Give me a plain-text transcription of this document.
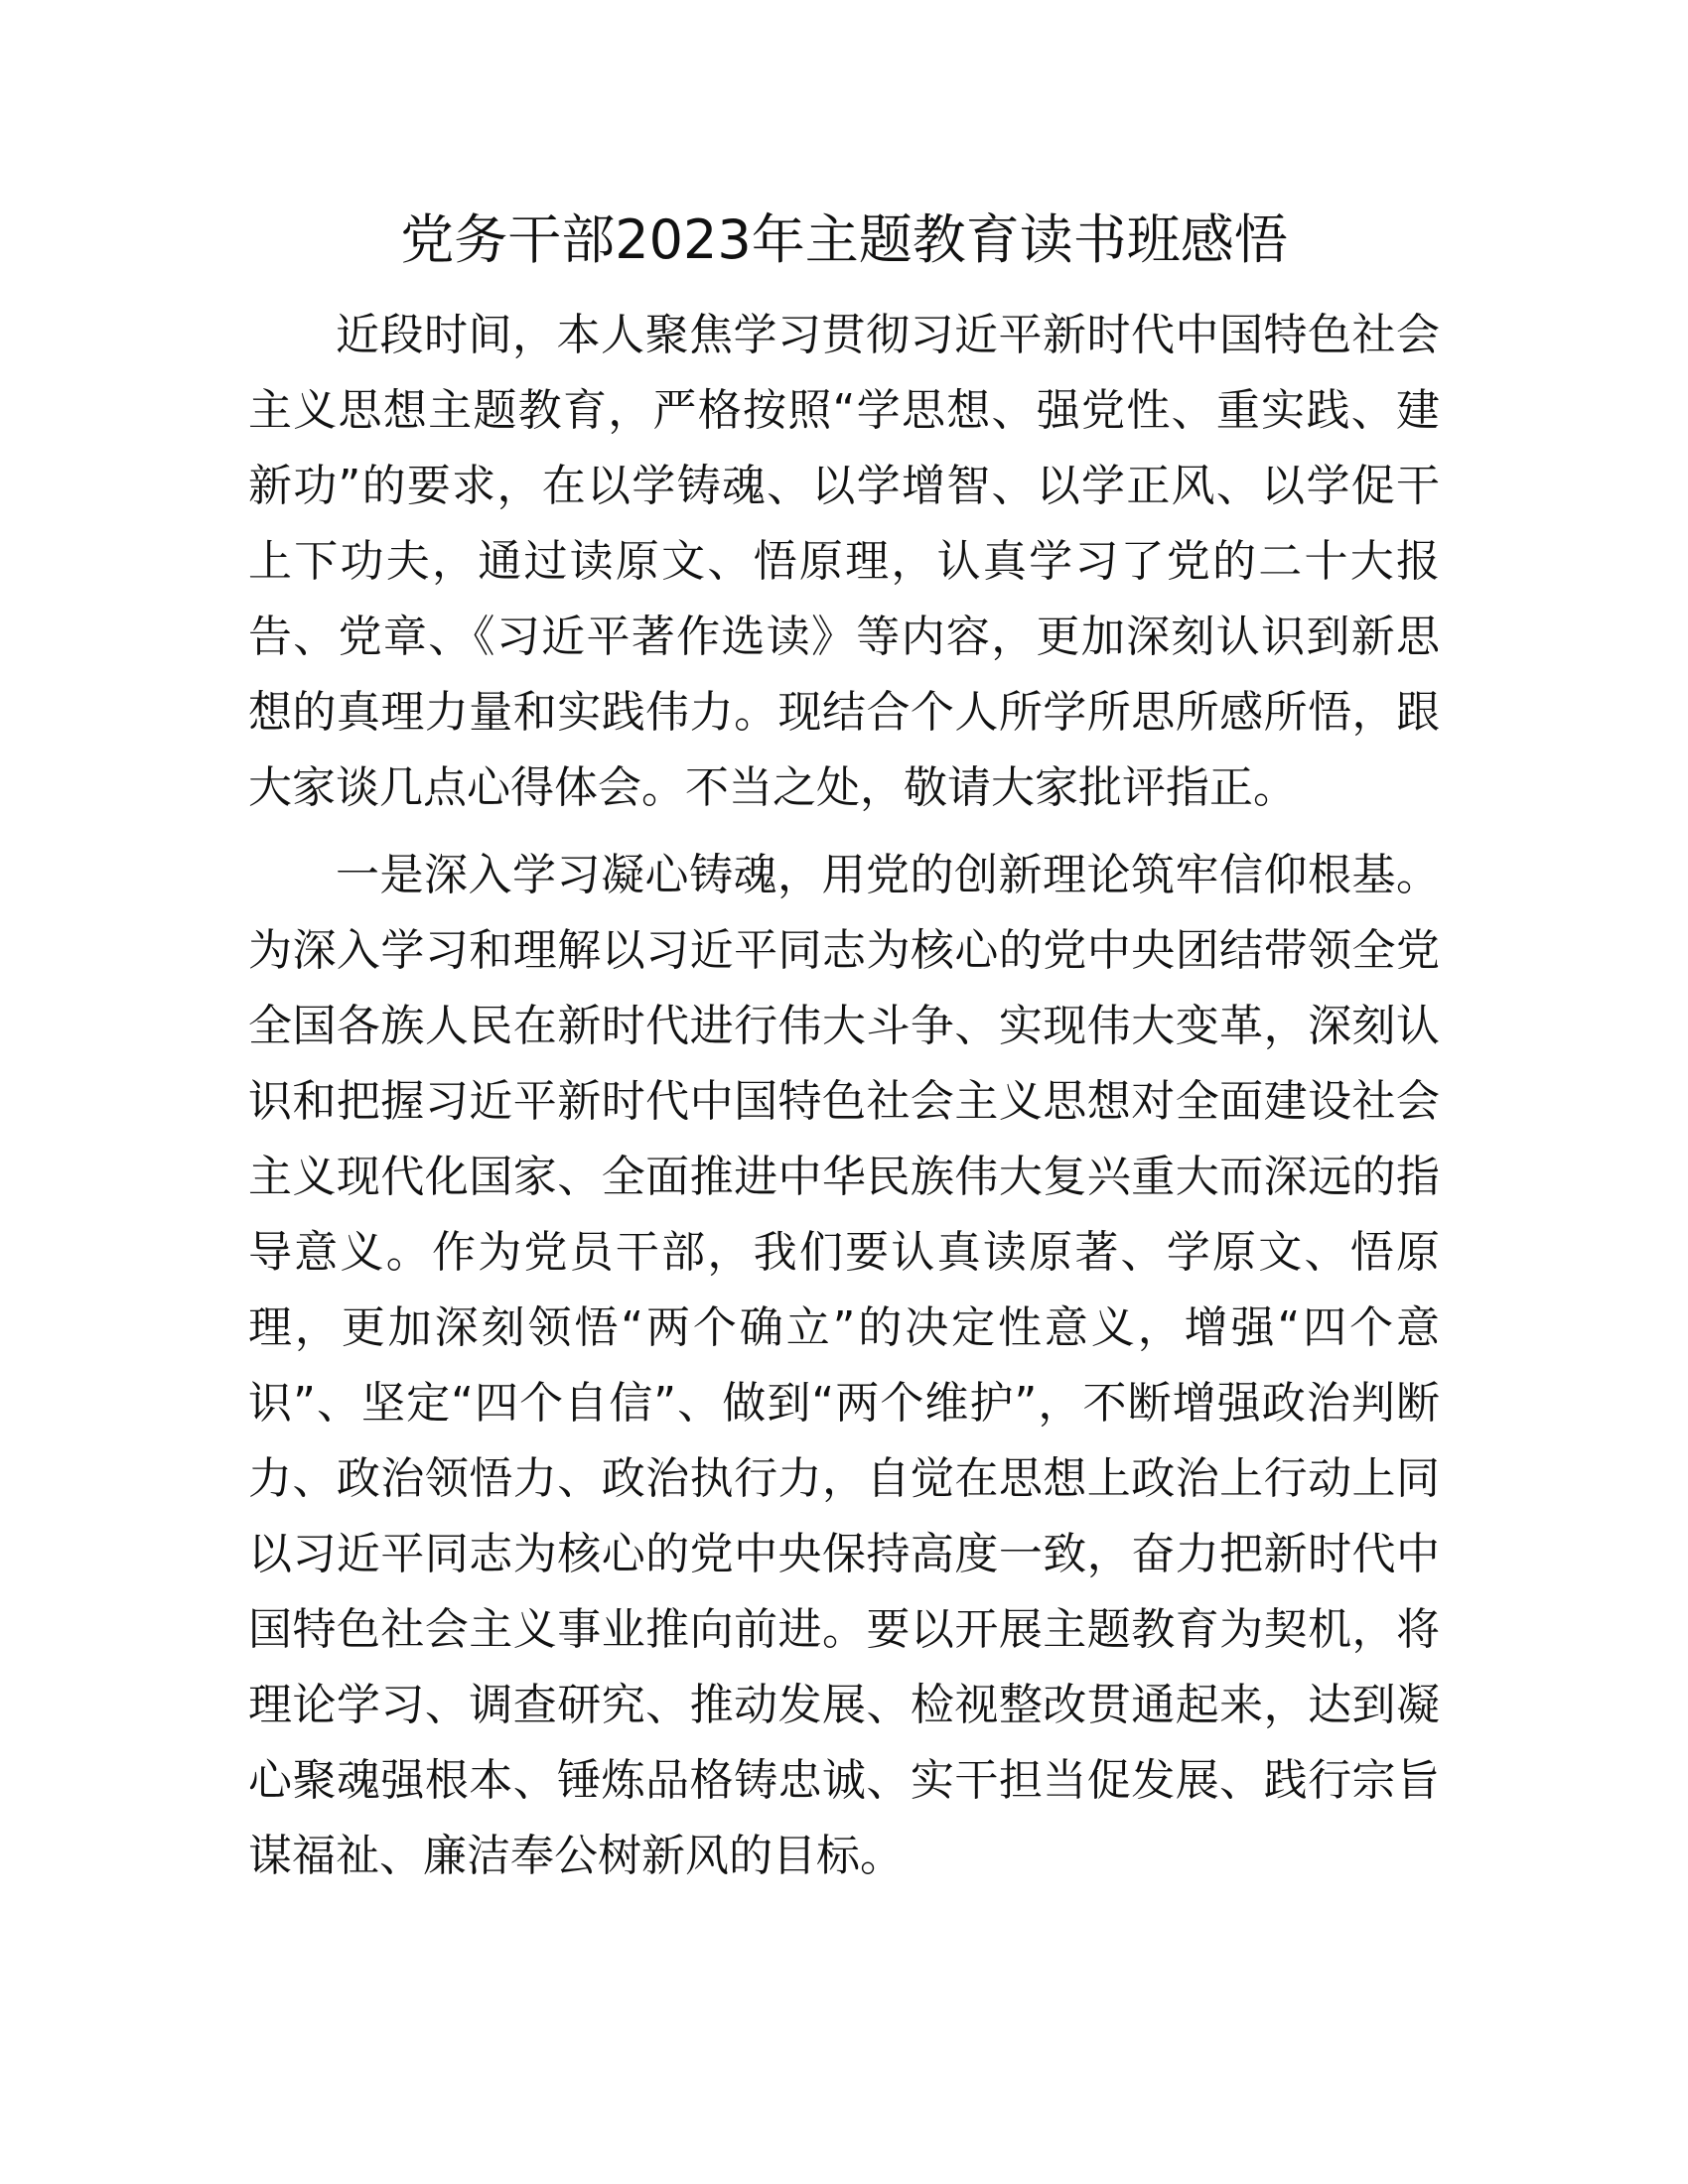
党务干部2023年主题教育读书班感悟

近段时间，本人聚焦学习贯彻习近平新时代中国特色社会主义思想主题教育，严格按照“学思想、强党性、重实践、建新功”的要求，在以学铸魂、以学增智、以学正风、以学促干上下功夫，通过读原文、悟原理，认真学习了党的二十大报告、党章、《习近平著作选读》等内容，更加深刻认识到新思想的真理力量和实践伟力。现结合个人所学所思所感所悟，跟大家谈几点心得体会。不当之处，敬请大家批评指正。

一是深入学习凝心铸魂，用党的创新理论筑牢信仰根基。为深入学习和理解以习近平同志为核心的党中央团结带领全党全国各族人民在新时代进行伟大斗争、实现伟大变革，深刻认识和把握习近平新时代中国特色社会主义思想对全面建设社会主义现代化国家、全面推进中华民族伟大复兴重大而深远的指导意义。作为党员干部，我们要认真读原著、学原文、悟原理，更加深刻领悟“两个确立”的决定性意义，增强“四个意识”、坚定“四个自信”、做到“两个维护”，不断增强政治判断力、政治领悟力、政治执行力，自觉在思想上政治上行动上同以习近平同志为核心的党中央保持高度一致，奋力把新时代中国特色社会主义事业推向前进。要以开展主题教育为契机，将理论学习、调查研究、推动发展、检视整改贯通起来，达到凝心聚魂强根本、锤炼品格铸忠诚、实干担当促发展、践行宗旨谋福祉、廉洁奉公树新风的目标。
